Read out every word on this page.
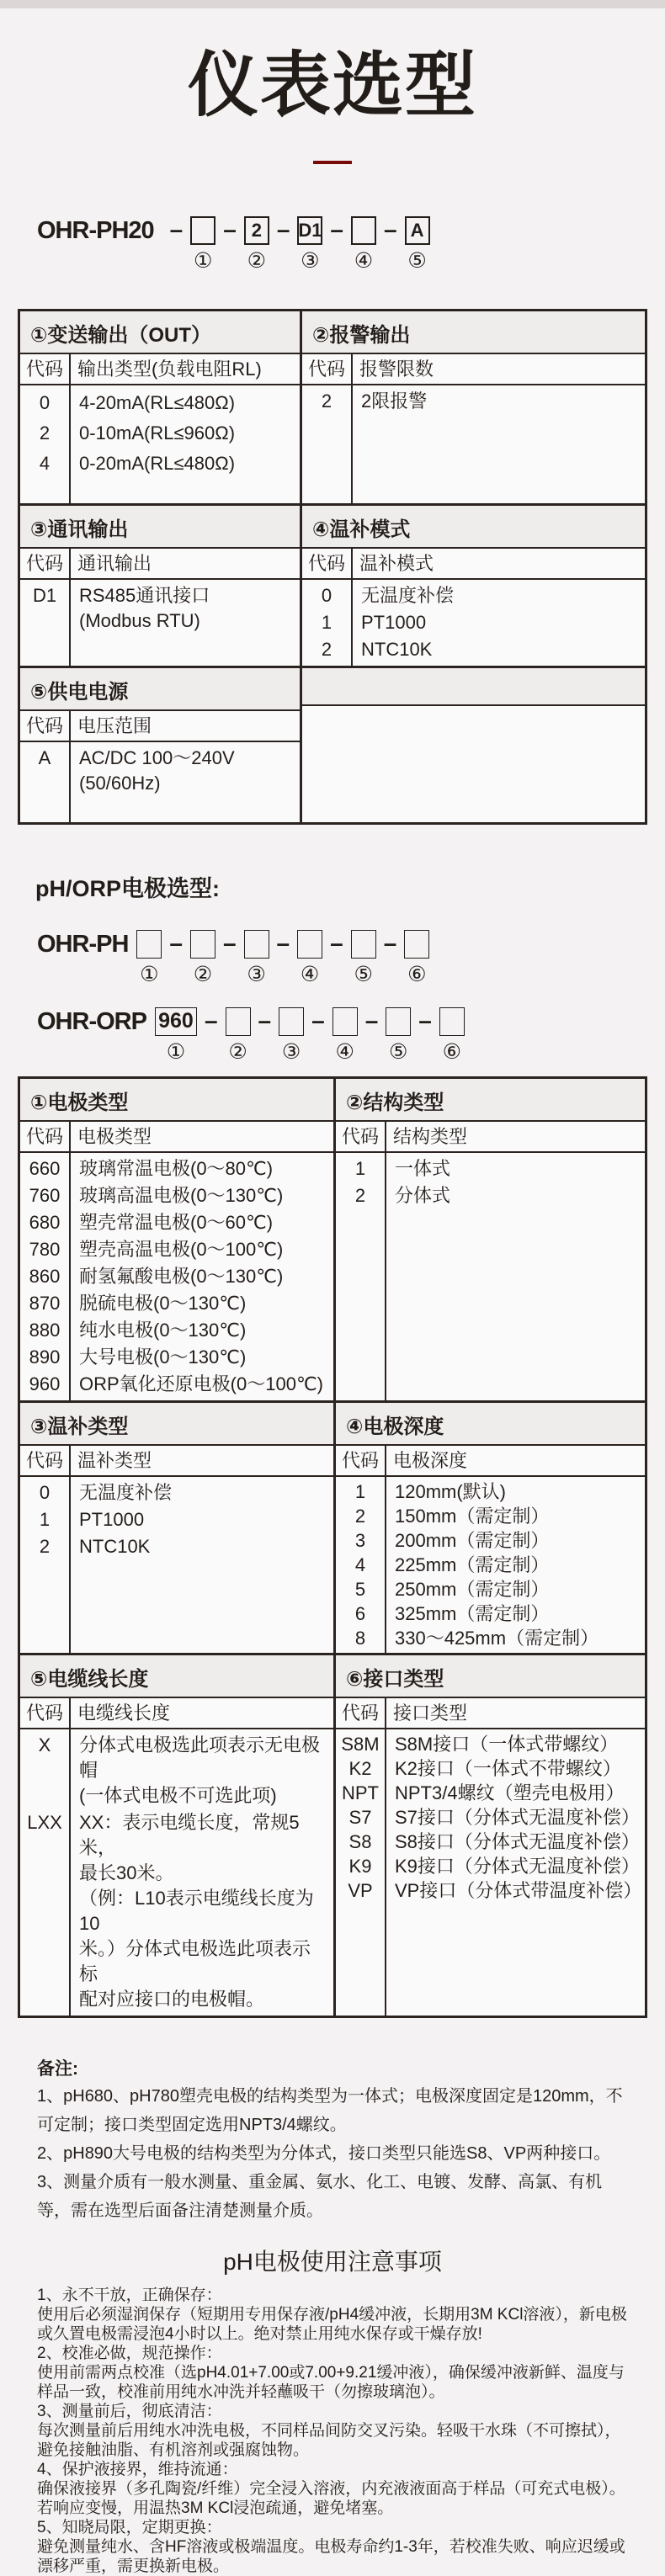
仪表选型
OHR-PH20 –
①
– 2
②
– D1
③
–
④
– A
⑤
①变送输出（OUT）
代码 输出类型(负载电阻RL)
0	4-20mA(RL≤480Ω)
2	0-10mA(RL≤960Ω)
4	0-20mA(RL≤480Ω)
②报警输出
代码 报警限数
2	2限报警
③通讯输出
代码 通讯输出
D1	RS485通讯接口
(Modbus RTU)
④温补模式
代码 温补模式
0	无温度补偿
1	PT1000
2	NTC10K
⑤供电电源
代码 电压范围
A	AC/DC 100～240V
(50/60Hz)
pH/ORP电极选型:
OHR-PH
①
–
②
–
③
–
④
–
⑤
–
⑥
OHR-ORP 960
①
–
②
–
③
–
④
–
⑤
–
⑥
①电极类型
代码 电极类型
660	玻璃常温电极(0～80℃)
760	玻璃高温电极(0～130℃)
680	塑壳常温电极(0～60℃)
780	塑壳高温电极(0～100℃)
860	耐氢氟酸电极(0～130℃)
870	脱硫电极(0～130℃)
880	纯水电极(0～130℃)
890	大号电极(0～130℃)
960	ORP氧化还原电极(0～100℃)
②结构类型
代码 结构类型
1	一体式
2	分体式
③温补类型
代码 温补类型
0	无温度补偿
1	PT1000
2	NTC10K
④电极深度
代码 电极深度
1	120mm(默认)
2	150mm（需定制）
3	200mm（需定制）
4	225mm（需定制）
5	250mm（需定制）
6	325mm（需定制）
8	330～425mm（需定制）
⑤电缆线长度
代码 电缆线长度
X	分体式电极选此项表示无电极帽
(一体式电极不可选此项)
LXX XX：表示电缆长度，常规5米，
最长30米。
（例：L10表示电缆线长度为10
米。）分体式电极选此项表示标
配对应接口的电极帽。
⑥接口类型
代码 接口类型
S8M S8M接口（一体式带螺纹）
K2	K2接口（一体式不带螺纹）
NPT NPT3/4螺纹（塑壳电极用）
S7	S7接口（分体式无温度补偿）
S8	S8接口（分体式无温度补偿）
K9	K9接口（分体式无温度补偿）
VP	VP接口（分体式带温度补偿）
备注:
1、pH680、pH780塑壳电极的结构类型为一体式；电极深度固定是120mm，不可定制；接口类型固定选用NPT3/4螺纹。
2、pH890大号电极的结构类型为分体式，接口类型只能选S8、VP两种接口。
3、测量介质有一般水测量、重金属、氨水、化工、电镀、发酵、高氯、有机等，需在选型后面备注清楚测量介质。
pH电极使用注意事项
1、永不干放，正确保存：
使用后必须湿润保存（短期用专用保存液/pH4缓冲液，长期用3M KCl溶液），新电极或久置电极需浸泡4小时以上。绝对禁止用纯水保存或干燥存放!
2、校准必做，规范操作：
使用前需两点校准（选pH4.01+7.00或7.00+9.21缓冲液），确保缓冲液新鲜、温度与样品一致，校准前用纯水冲洗并轻蘸吸干（勿擦玻璃泡）。
3、测量前后，彻底清洁：
每次测量前后用纯水冲洗电极，不同样品间防交叉污染。轻吸干水珠（不可擦拭），避免接触油脂、有机溶剂或强腐蚀物。
4、保护液接界，维持流通：
确保液接界（多孔陶瓷/纤维）完全浸入溶液，内充液液面高于样品（可充式电极）。若响应变慢，用温热3M KCl浸泡疏通，避免堵塞。
5、知晓局限，定期更换：
避免测量纯水、含HF溶液或极端温度。电极寿命约1-3年，若校准失败、响应迟缓或漂移严重，需更换新电极。
